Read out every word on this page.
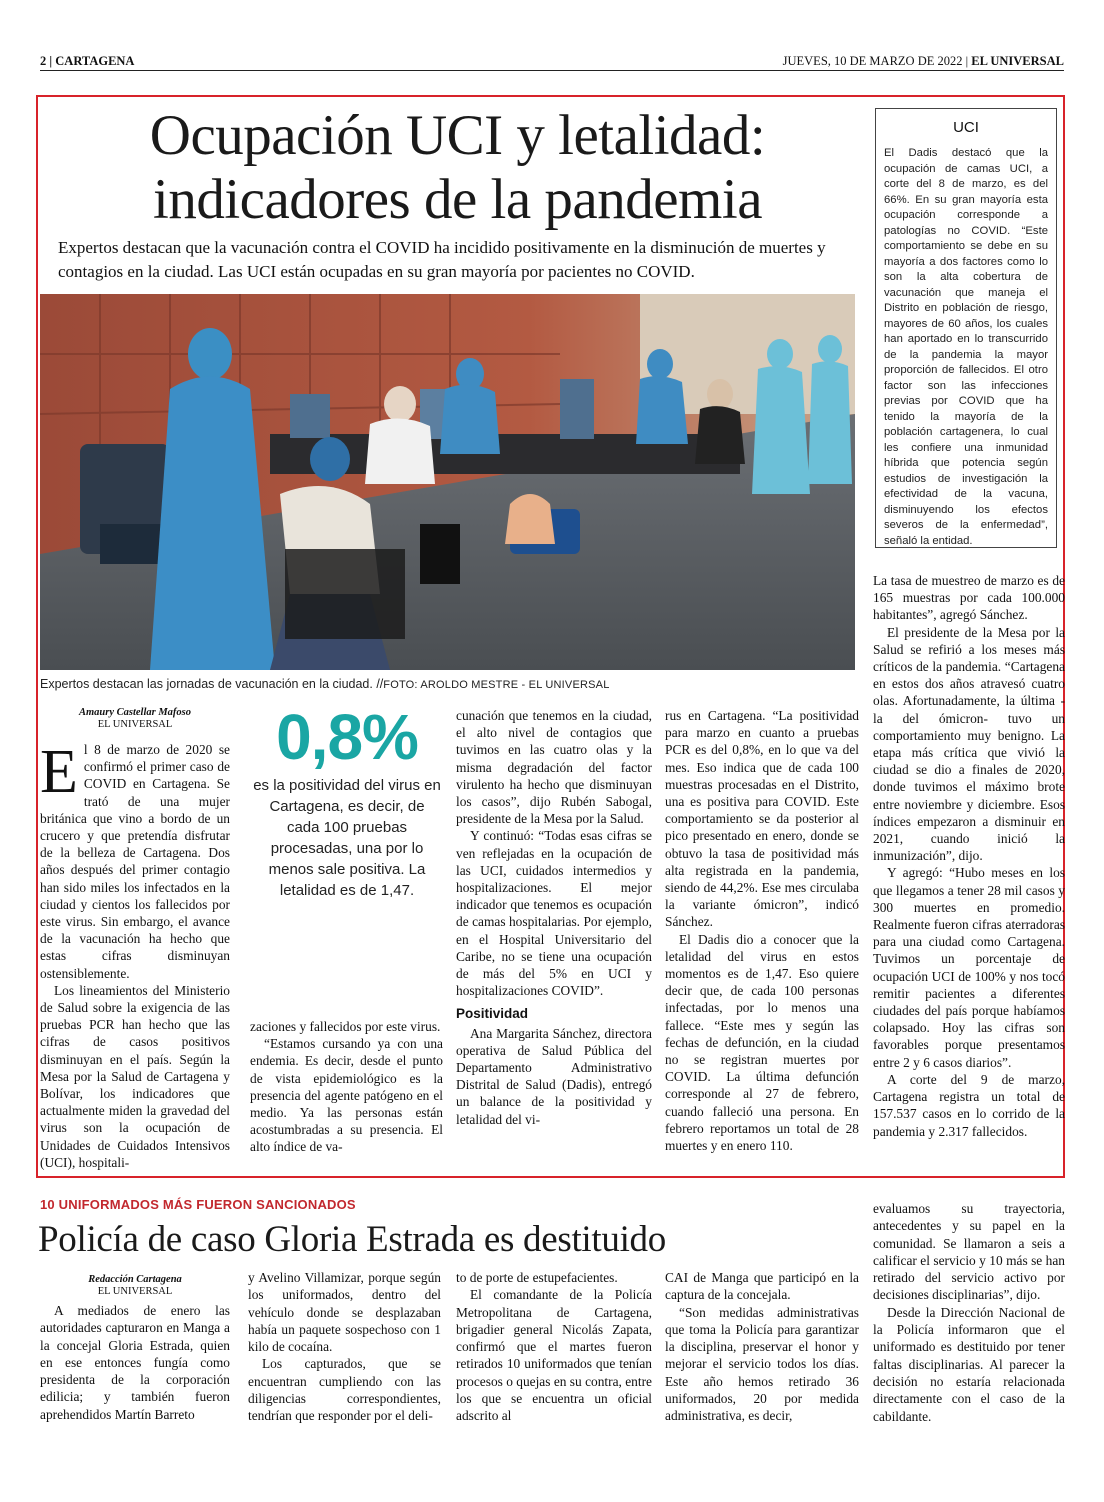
2 | CARTAGENA	JUEVES, 10 DE MARZO DE 2022 | EL UNIVERSAL
Ocupación UCI y letalidad:
indicadores de la pandemia
Expertos destacan que la vacunación contra el COVID ha incidido positivamente en la disminución de muertes y contagios en la ciudad. Las UCI están ocupadas en su gran mayoría por pacientes no COVID.
Expertos destacan las jornadas de vacunación en la ciudad. //FOTO: AROLDO MESTRE - EL UNIVERSAL
UCI
El Dadis destacó que la ocupación de camas UCI, a corte del 8 de marzo, es del 66%. En su gran mayoría esta ocupación corresponde a patologías no COVID. “Este comportamiento se debe en su mayoría a dos factores como lo son la alta cobertura de vacunación que maneja el Distrito en población de riesgo, mayores de 60 años, los cuales han aportado en lo transcurrido de la pandemia la mayor proporción de fallecidos. El otro factor son las infecciones previas por COVID que ha tenido la mayoría de la población cartagenera, lo cual les confiere una inmunidad híbrida que potencia según estudios de investigación la efectividad de la vacuna, disminuyendo los efectos severos de la enfermedad”, señaló la entidad.
Amaury Castellar Mafoso
EL UNIVERSAL

El 8 de marzo de 2020 se confirmó el primer caso de COVID en Cartagena. Se trató de una mujer británica que vino a bordo de un crucero y que pretendía disfrutar de la belleza de Cartagena. Dos años después del primer contagio han sido miles los infectados en la ciudad y cientos los fallecidos por este virus. Sin embargo, el avance de la vacunación ha hecho que estas cifras disminuyan ostensiblemente.

Los lineamientos del Ministerio de Salud sobre la exigencia de las pruebas PCR han hecho que las cifras de casos positivos disminuyan en el país. Según la Mesa por la Salud de Cartagena y Bolívar, los indicadores que actualmente miden la gravedad del virus son la ocupación de Unidades de Cuidados Intensivos (UCI), hospitali-

0,8%
es la positividad del virus en Cartagena, es decir, de cada 100 pruebas procesadas, una por lo menos sale positiva. La letalidad es de 1,47.

zaciones y fallecidos por este virus.

“Estamos cursando ya con una endemia. Es decir, desde el punto de vista epidemiológico es la presencia del agente patógeno en el medio. Ya las personas están acostumbradas a su presencia. El alto índice de va-

cunación que tenemos en la ciudad, el alto nivel de contagios que tuvimos en las cuatro olas y la misma degradación del factor virulento ha hecho que disminuyan los casos”, dijo Rubén Sabogal, presidente de la Mesa por la Salud.

Y continuó: “Todas esas cifras se ven reflejadas en la ocupación de las UCI, cuidados intermedios y hospitalizaciones. El mejor indicador que tenemos es ocupación de camas hospitalarias. Por ejemplo, en el Hospital Universitario del Caribe, no se tiene una ocupación de más del 5% en UCI y hospitalizaciones COVID”.

Positividad

Ana Margarita Sánchez, directora operativa de Salud Pública del Departamento Administrativo Distrital de Salud (Dadis), entregó un balance de la positividad y letalidad del vi-

rus en Cartagena. “La positividad para marzo en cuanto a pruebas PCR es del 0,8%, en lo que va del mes. Eso indica que de cada 100 muestras procesadas en el Distrito, una es positiva para COVID. Este comportamiento se da posterior al pico presentado en enero, donde se obtuvo la tasa de positividad más alta registrada en la pandemia, siendo de 44,2%. Ese mes circulaba la variante ómicron”, indicó Sánchez.

El Dadis dio a conocer que la letalidad del virus en estos momentos es de 1,47. Eso quiere decir que, de cada 100 personas infectadas, por lo menos una fallece. “Este mes y según las fechas de defunción, en la ciudad no se registran muertes por COVID. La última defunción corresponde al 27 de febrero, cuando falleció una persona. En febrero reportamos un total de 28 muertes y en enero 110.

La tasa de muestreo de marzo es de 165 muestras por cada 100.000 habitantes”, agregó Sánchez.

El presidente de la Mesa por la Salud se refirió a los meses más críticos de la pandemia. “Cartagena en estos dos años atravesó cuatro olas. Afortunadamente, la última -la del ómicron- tuvo un comportamiento muy benigno. La etapa más crítica que vivió la ciudad se dio a finales de 2020, donde tuvimos el máximo brote entre noviembre y diciembre. Esos índices empezaron a disminuir en 2021, cuando inició la inmunización”, dijo.

Y agregó: “Hubo meses en los que llegamos a tener 28 mil casos y 300 muertes en promedio. Realmente fueron cifras aterradoras para una ciudad como Cartagena. Tuvimos un porcentaje de ocupación UCI de 100% y nos tocó remitir pacientes a diferentes ciudades del país porque habíamos colapsado. Hoy las cifras son favorables porque presentamos entre 2 y 6 casos diarios”.

A corte del 9 de marzo, Cartagena registra un total de 157.537 casos en lo corrido de la pandemia y 2.317 fallecidos.

10 UNIFORMADOS MÁS FUERON SANCIONADOS
Policía de caso Gloria Estrada es destituido
Redacción Cartagena
EL UNIVERSAL

A mediados de enero las autoridades capturaron en Manga a la concejal Gloria Estrada, quien en ese entonces fungía como presidenta de la corporación edilicia; y también fueron aprehendidos Martín Barreto

y Avelino Villamizar, porque según los uniformados, dentro del vehículo donde se desplazaban había un paquete sospechoso con 1 kilo de cocaína.

Los capturados, que se encuentran cumpliendo con las diligencias correspondientes, tendrían que responder por el deli-

to de porte de estupefacientes.

El comandante de la Policía Metropolitana de Cartagena, brigadier general Nicolás Zapata, confirmó que el martes fueron retirados 10 uniformados que tenían procesos o quejas en su contra, entre los que se encuentra un oficial adscrito al

CAI de Manga que participó en la captura de la concejala.

“Son medidas administrativas que toma la Policía para garantizar la disciplina, preservar el honor y mejorar el servicio todos los días. Este año hemos retirado 36 uniformados, 20 por medida administrativa, es decir,

evaluamos su trayectoria, antecedentes y su papel en la comunidad. Se llamaron a seis a calificar el servicio y 10 más se han retirado del servicio activo por decisiones disciplinarias”, dijo.

Desde la Dirección Nacional de la Policía informaron que el uniformado es destituido por tener faltas disciplinarias. Al parecer la decisión no estaría relacionada directamente con el caso de la cabildante.
